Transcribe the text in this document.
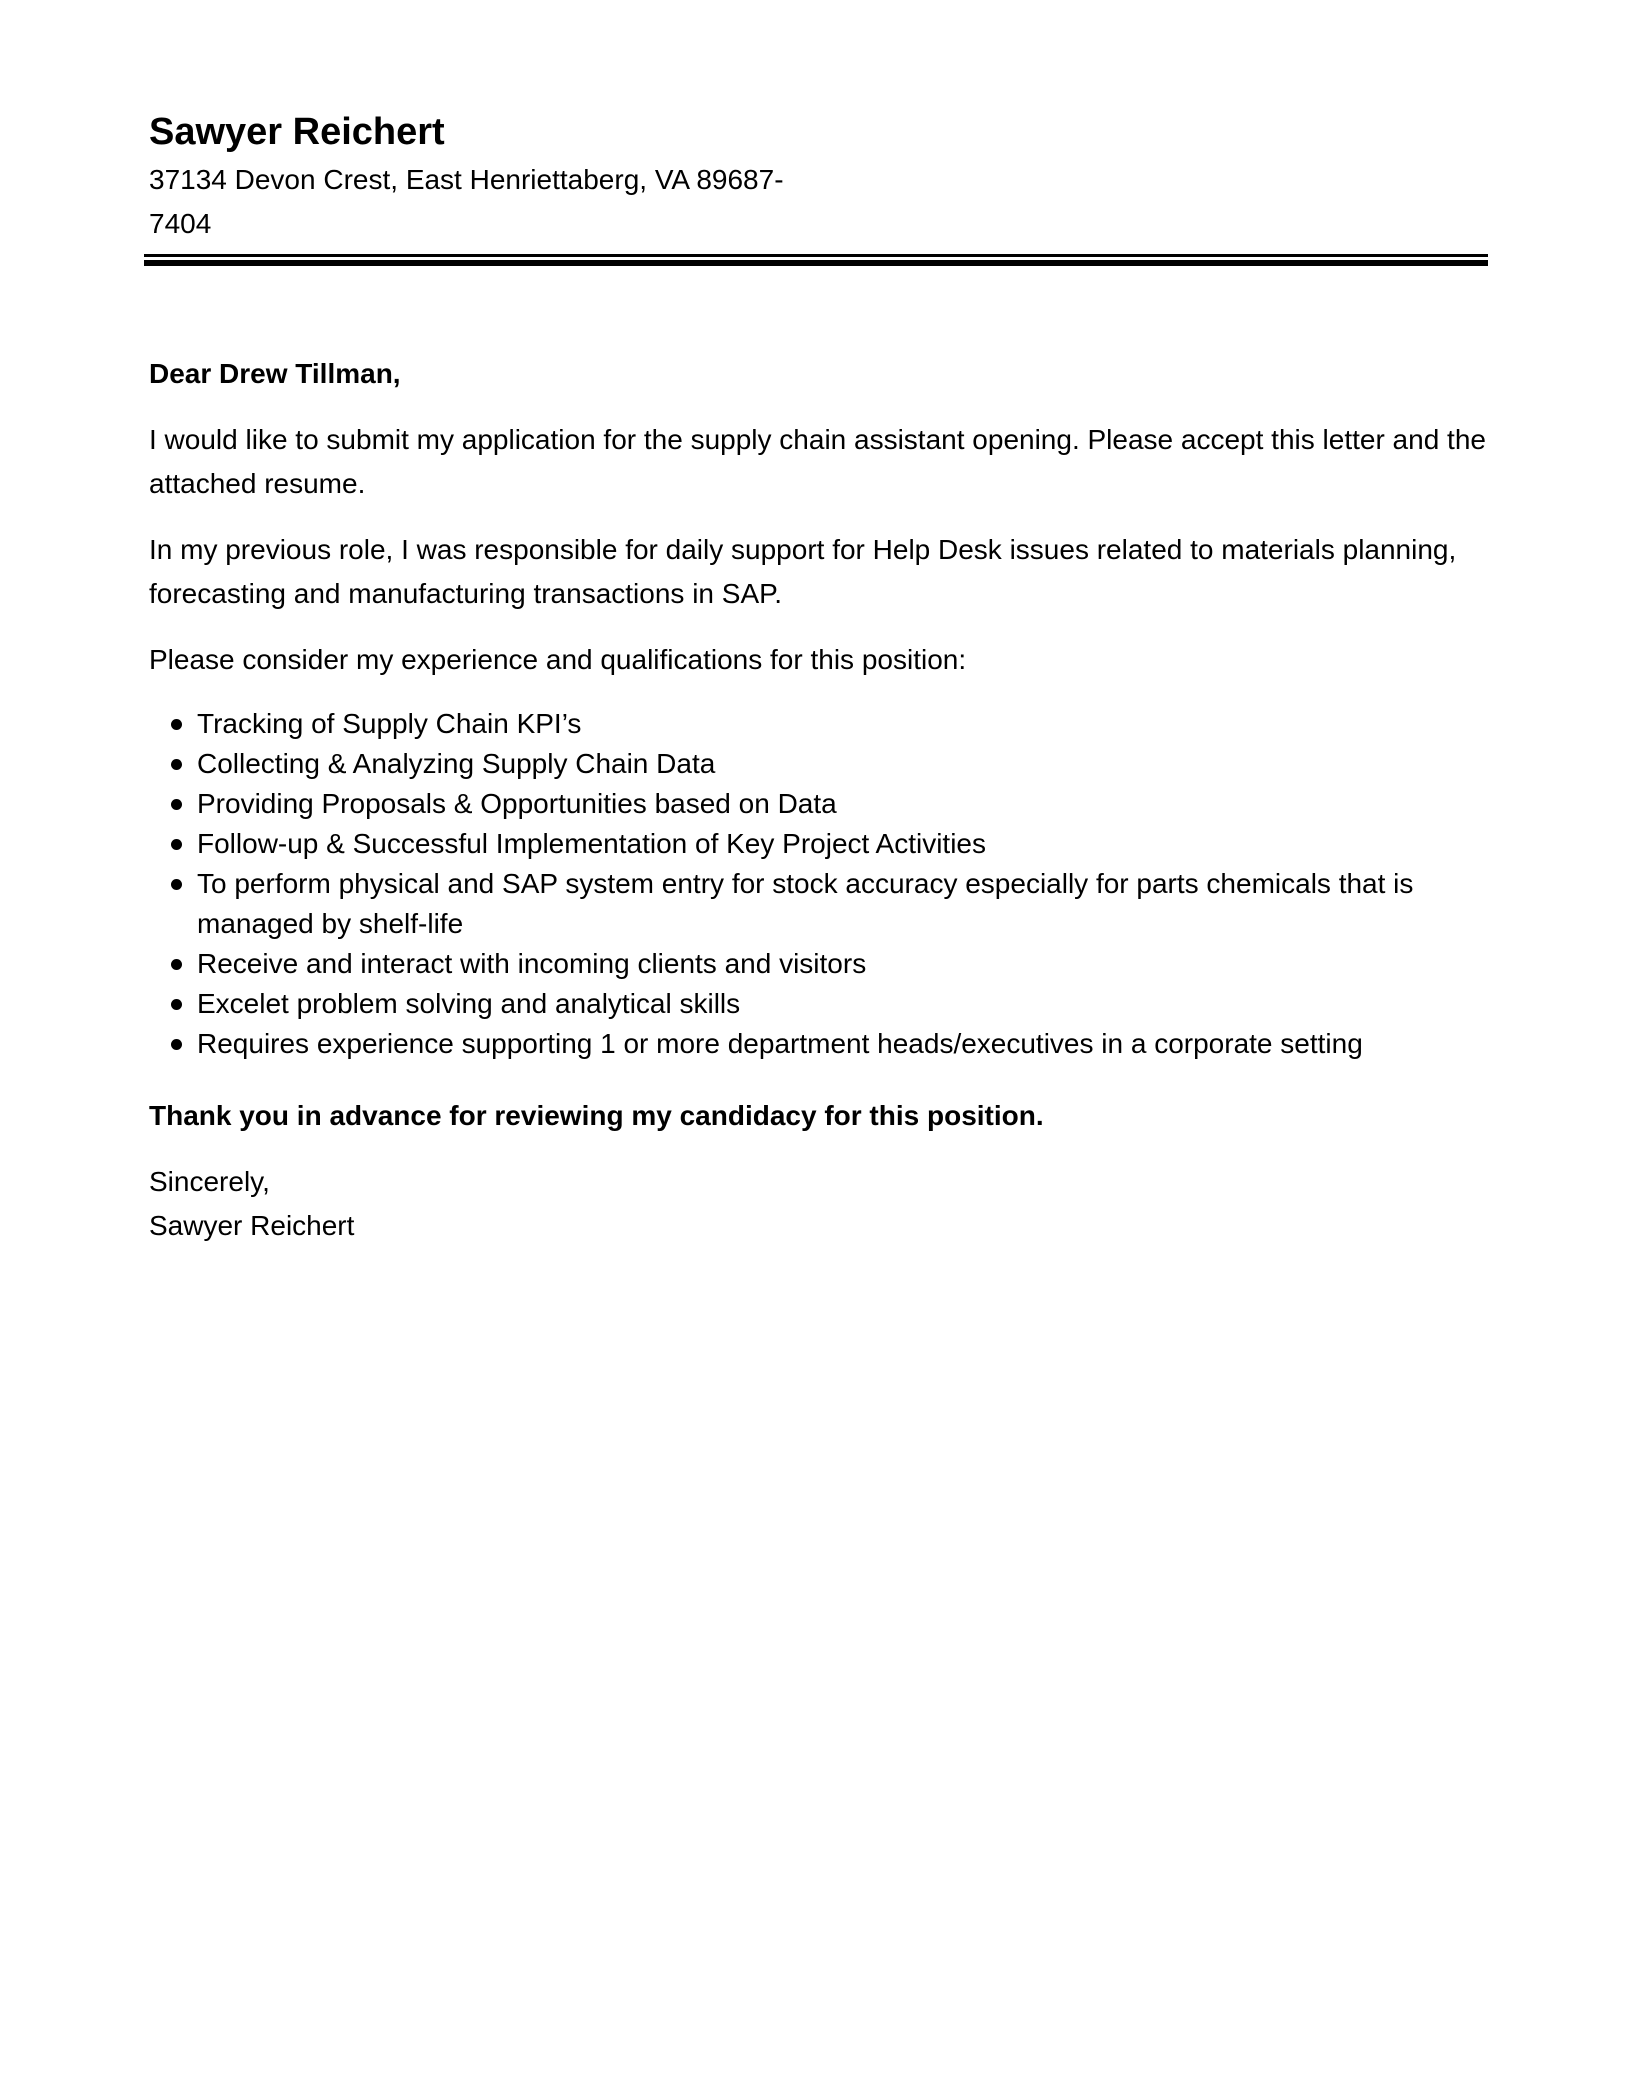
Sawyer Reichert
37134 Devon Crest, East Henriettaberg, VA 89687-7404

Dear Drew Tillman,

I would like to submit my application for the supply chain assistant opening. Please accept this letter and the attached resume.

In my previous role, I was responsible for daily support for Help Desk issues related to materials planning, forecasting and manufacturing transactions in SAP.

Please consider my experience and qualifications for this position:

Tracking of Supply Chain KPI’s
Collecting & Analyzing Supply Chain Data
Providing Proposals & Opportunities based on Data
Follow-up & Successful Implementation of Key Project Activities
To perform physical and SAP system entry for stock accuracy especially for parts chemicals that is managed by shelf-life
Receive and interact with incoming clients and visitors
Excelet problem solving and analytical skills
Requires experience supporting 1 or more department heads/executives in a corporate setting

Thank you in advance for reviewing my candidacy for this position.

Sincerely,

Sawyer Reichert
